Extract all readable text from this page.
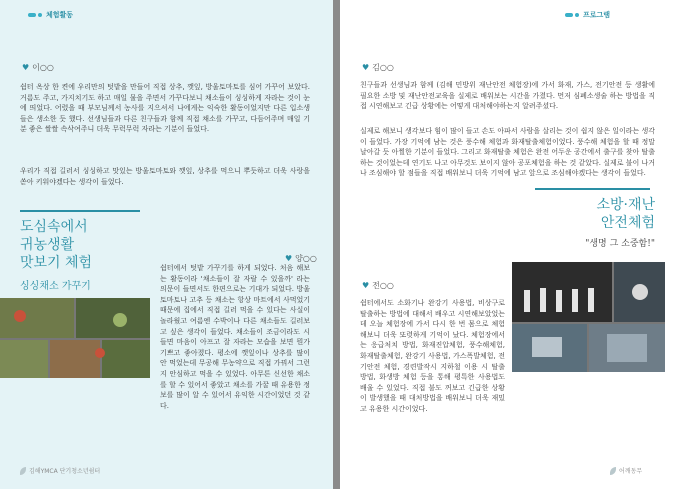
체험활동
♥ 이○○

쉼터 옥상 한 켠에 우리만의 텃밭을 만들어 직접 상추, 깻잎, 방울토마토를 심어 가꾸어 보았다. 거름도 주고, 가지치기도 하고 매일 물을 주면서 가꾸다보니 채소들이 싱싱하게 자라는 것이 눈에 띄었다. 어렸을 때 부모님께서 농사를 지으셔서 나에게는 익숙한 활동이었지만 다른 입소생들은 생소한 듯 했다. 선생님들과 다른 친구들과 함께 직접 채소를 가꾸고, 다듬어주며 매일 기분 좋은 쌀쌀 속삭여주니 더욱 무럭무럭 자라는 기분이 들었다.

우리가 직접 길러서 싱싱하고 맛있는 방울토마토와 깻잎, 상추를 먹으니 뿌듯하고 더욱 사랑을 쏟아 키워야겠다는 생각이 들었다.

도심속에서
귀농생활
맛보기 체험
싱싱채소 가꾸기
♥ 양○○

쉼터에서 텃밭 가꾸기를 하게 되었다. 처음 해보는 활동이라 '채소들이 잘 자랄 수 있을까' 라는 의문이 들면서도 한편으로는 기대가 되었다. 방울토마토나 고추 등 채소는 항상 마트에서 사먹었기 때문에 집에서 직접 길러 먹을 수 있다는 사실이 놀라웠고 여름엔 수박이나 다른 채소들도 길러보고 싶은 생각이 들었다. 채소들이 조금이라도 시들면 마음이 아프고 잘 자라는 모습을 보면 뭔가 기쁘고 좋아졌다. 평소에 깻잎이나 상추를 많이 안 먹었는데 무공해 무농약으로 직접 가꿔서 그런지 안심하고 먹을 수 있었다. 아무튼 신선한 채소를 할 수 있어서 좋았고 채소를 가꿀 때 유용한 정보를 많이 알 수 있어서 유익한 시간이었던 것 같다.

김해YMCA 단기청소년쉼터
프로그램
♥ 김○○

친구들과 선생님과 함께 (김해 민방위 재난안전 체험장)에 가서 화재, 가스, 전기안전 등 생활에 필요한 소방 및 재난안전교육을 실제로 배워보는 시간을 가졌다. 먼저 심폐소생술 하는 방법을 직접 시연해보고 긴급 상황에는 어떻게 대처해야하는지 알려주셨다.

실제로 해보니 생각보다 힘이 많이 들고 손도 아파서 사람을 살리는 것이 쉽지 않은 일이라는 생각이 들었다. 가장 기억에 남는 것은 풍수해 체험과 화재탈출체험이었다. 풍수해 체험을 할 때 정말 날아갈 듯 아찔한 기분이 들었다. 그리고 화재탈출 체험은 완전 어두운 공간에서 출구를 찾아 탈출하는 것이었는데 연기도 나고 아무것도 보이지 않아 공포체험을 하는 것 같았다. 실제로 불이 나거나 조심해야 할 점들을 직접 배워보니 더욱 기억에 남고 앞으로 조심해야겠다는 생각이 들었다.

소방·재난
안전체험
"생명 그 소중함!"
♥ 전○○

쉼터에서도 소화기나 완강기 사용법, 비상구로 탈출하는 방법에 대해서 배우고 시연해보았었는데 오늘 체험장에 가서 다시 한 번 몸으로 체험해보니 더욱 또렷하게 기억이 났다. 체험장에서는 응급처치 방법, 화재진압체험, 풍수해체험, 화재탈출체험, 완강기 사용법, 가스폭발체험, 전기안전 체험, 경련발작시 지하철 이용 시 탈출 방법, 화생방 체험 등을 통해 평특한 사용법도 배울 수 있었다. 직접 불도 꺼보고 긴급한 상황이 발생했을 때 대처방법을 배워보니 더욱 재밌고 유용한 시간이었다.

어깨동무
